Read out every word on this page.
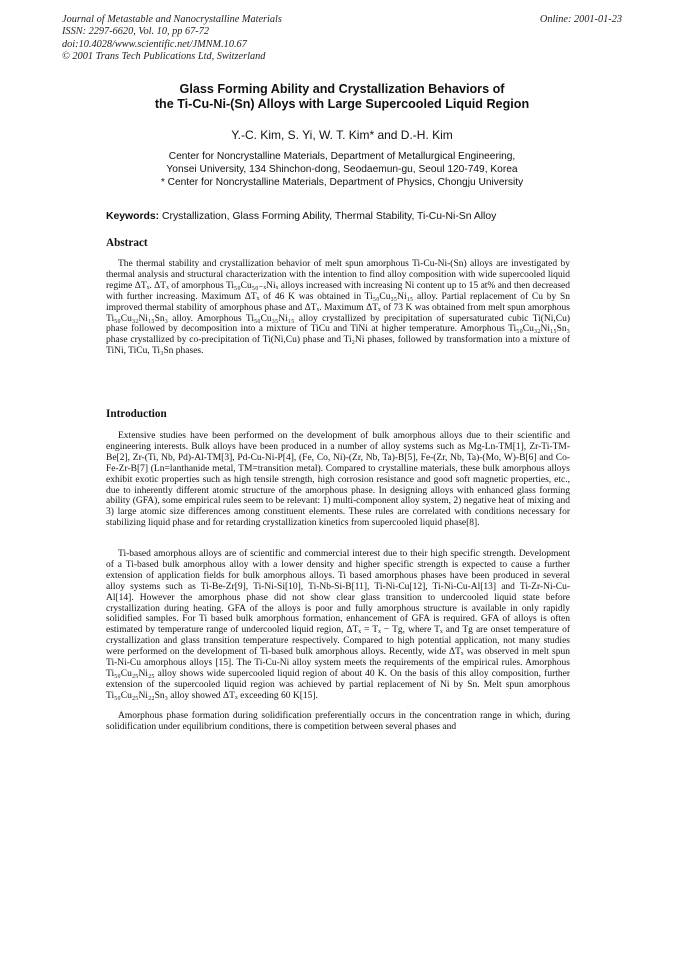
Journal of Metastable and Nanocrystalline Materials
ISSN: 2297-6620, Vol. 10, pp 67-72
doi:10.4028/www.scientific.net/JMNM.10.67
© 2001 Trans Tech Publications Ltd, Switzerland
Online: 2001-01-23
Glass Forming Ability and Crystallization Behaviors of
the Ti-Cu-Ni-(Sn) Alloys with Large Supercooled Liquid Region
Y.-C. Kim, S. Yi, W. T. Kim* and D.-H. Kim
Center for Noncrystalline Materials, Department of Metallurgical Engineering,
Yonsei University, 134 Shinchon-dong, Seodaemun-gu, Seoul 120-749, Korea
* Center for Noncrystalline Materials, Department of Physics, Chongju University
Keywords: Crystallization, Glass Forming Ability, Thermal Stability, Ti-Cu-Ni-Sn Alloy
Abstract
The thermal stability and crystallization behavior of melt spun amorphous Ti-Cu-Ni-(Sn) alloys are investigated by thermal analysis and structural characterization with the intention to find alloy composition with wide supercooled liquid regime ΔTₓ. ΔTₓ of amorphous Ti₅₀Cu₅₀₋ₓNiₓ alloys increased with increasing Ni content up to 15 at% and then decreased with further increasing. Maximum ΔTₓ of 46 K was obtained in Ti₅₀Cu₃₅Ni₁₅ alloy. Partial replacement of Cu by Sn improved thermal stability of amorphous phase and ΔTₓ. Maximum ΔTₓ of 73 K was obtained from melt spun amorphous Ti₅₀Cu₃₂Ni₁₅Sn₃ alloy. Amorphous Ti₅₀Cu₃₅Ni₁₅ alloy crystallized by precipitation of supersaturated cubic Ti(Ni,Cu) phase followed by decomposition into a mixture of TiCu and TiNi at higher temperature. Amorphous Ti₅₀Cu₃₂Ni₁₅Sn₃ phase crystallized by co-precipitation of Ti(Ni,Cu) phase and Ti₂Ni phases, followed by transformation into a mixture of TiNi, TiCu, Ti₃Sn phases.
Introduction
Extensive studies have been performed on the development of bulk amorphous alloys due to their scientific and engineering interests. Bulk alloys have been produced in a number of alloy systems such as Mg-Ln-TM[1], Zr-Ti-TM-Be[2], Zr-(Ti, Nb, Pd)-Al-TM[3], Pd-Cu-Ni-P[4], (Fe, Co, Ni)-(Zr, Nb, Ta)-B[5], Fe-(Zr, Nb, Ta)-(Mo, W)-B[6] and Co-Fe-Zr-B[7] (Ln=lanthanide metal, TM=transition metal). Compared to crystalline materials, these bulk amorphous alloys exhibit exotic properties such as high tensile strength, high corrosion resistance and good soft magnetic properties, etc., due to inherently different atomic structure of the amorphous phase. In designing alloys with enhanced glass forming ability (GFA), some empirical rules seem to be relevant: 1) multi-component alloy system, 2) negative heat of mixing and 3) large atomic size differences among constituent elements. These rules are correlated with conditions necessary for stabilizing liquid phase and for retarding crystallization kinetics from supercooled liquid phase[8].
Ti-based amorphous alloys are of scientific and commercial interest due to their high specific strength. Development of a Ti-based bulk amorphous alloy with a lower density and higher specific strength is expected to cause a further extension of application fields for bulk amorphous alloys. Ti based amorphous phases have been produced in several alloy systems such as Ti-Be-Zr[9], Ti-Ni-Si[10], Ti-Nb-Si-B[11], Ti-Ni-Cu[12], Ti-Ni-Cu-Al[13] and Ti-Zr-Ni-Cu-Al[14]. However the amorphous phase did not show clear glass transition to undercooled liquid state before crystallization during heating. GFA of the alloys is poor and fully amorphous structure is available in only rapidly solidified samples. For Ti based bulk amorphous formation, enhancement of GFA is required. GFA of alloys is often estimated by temperature range of undercooled liquid region, ΔTₓ = Tₓ − Tg, where Tₓ and Tg are onset temperature of crystallization and glass transition temperature respectively. Compared to high potential application, not many studies were performed on the development of Ti-based bulk amorphous alloys. Recently, wide ΔTₓ was observed in melt spun Ti-Ni-Cu amorphous alloys [15]. The Ti-Cu-Ni alloy system meets the requirements of the empirical rules. Amorphous Ti₅₀Cu₂₅Ni₂₅ alloy shows wide supercooled liquid region of about 40 K. On the basis of this alloy composition, further extension of the supercooled liquid region was achieved by partial replacement of Ni by Sn. Melt spun amorphous Ti₅₀Cu₂₅Ni₂₂Sn₃ alloy showed ΔTₓ exceeding 60 K[15].
Amorphous phase formation during solidification preferentially occurs in the concentration range in which, during solidification under equilibrium conditions, there is competition between several phases and
